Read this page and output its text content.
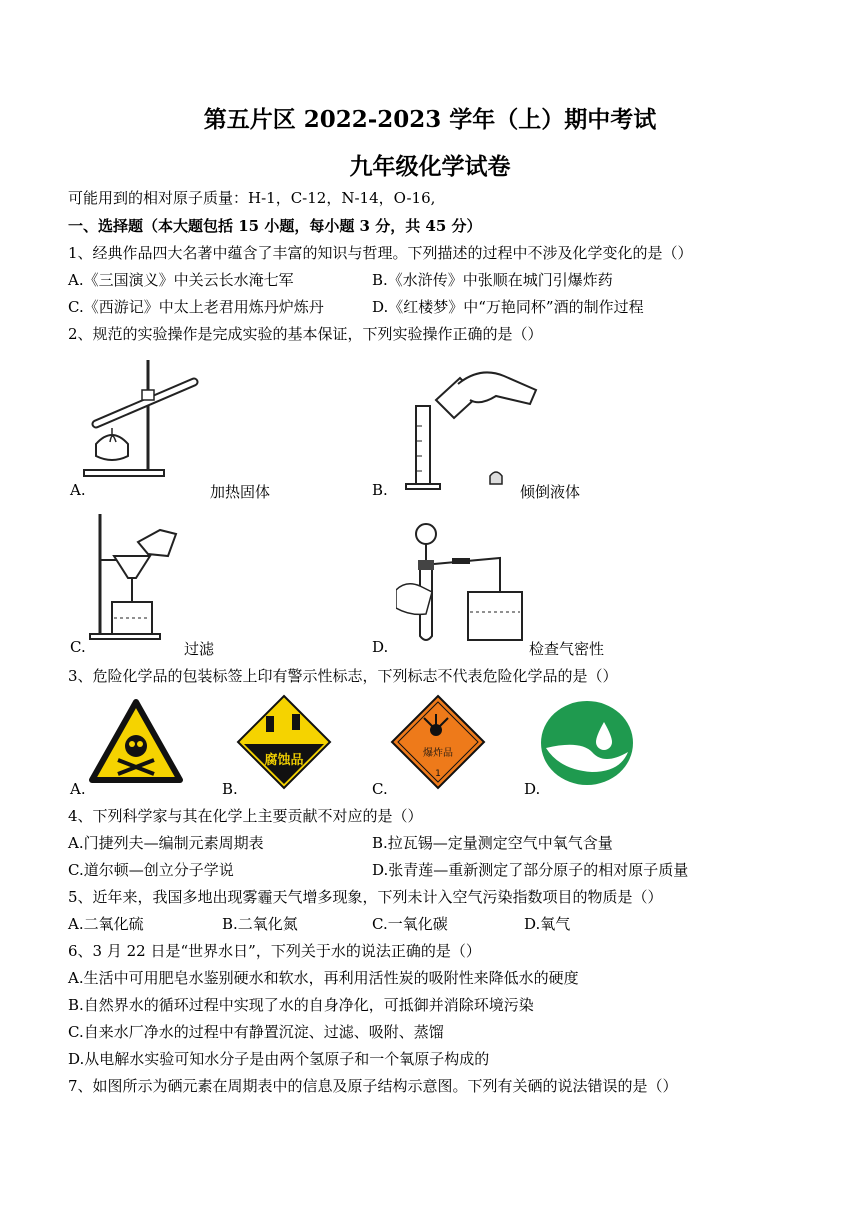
第五片区 2022-2023 学年（上）期中考试
九年级化学试卷
可能用到的相对原子质量：H-1，C-12，N-14，O-16,
一、选择题（本大题包括 15 小题，每小题 3 分，共 45 分）
1、经典作品四大名著中蕴含了丰富的知识与哲理。下列描述的过程中不涉及化学变化的是（）
A.《三国演义》中关云长水淹七军	B.《水浒传》中张顺在城门引爆炸药
C.《西游记》中太上老君用炼丹炉炼丹	D.《红楼梦》中“万艳同杯”酒的制作过程
2、规范的实验操作是完成实验的基本保证，下列实验操作正确的是（）
A.	加热固体	B.	倾倒液体
C.	过滤	D.	检查气密性
3、危险化学品的包装标签上印有警示性标志，下列标志不代表危险化学品的是（）
A.
腐蚀品
B.
爆炸品
1
C.	D.
4、下列科学家与其在化学上主要贡献不对应的是（）
A.门捷列夫—编制元素周期表	B.拉瓦锡—定量测定空气中氧气含量
C.道尔顿—创立分子学说	D.张青莲—重新测定了部分原子的相对原子质量
5、近年来，我国多地出现雾霾天气增多现象，下列未计入空气污染指数项目的物质是（）
A.二氧化硫	B.二氧化氮	C.一氧化碳	D.氧气
6、3 月 22 日是“世界水日”，下列关于水的说法正确的是（）
A.生活中可用肥皂水鉴别硬水和软水，再利用活性炭的吸附性来降低水的硬度
B.自然界水的循环过程中实现了水的自身净化，可抵御并消除环境污染
C.自来水厂净水的过程中有静置沉淀、过滤、吸附、蒸馏
D.从电解水实验可知水分子是由两个氢原子和一个氧原子构成的
7、如图所示为硒元素在周期表中的信息及原子结构示意图。下列有关硒的说法错误的是（）
